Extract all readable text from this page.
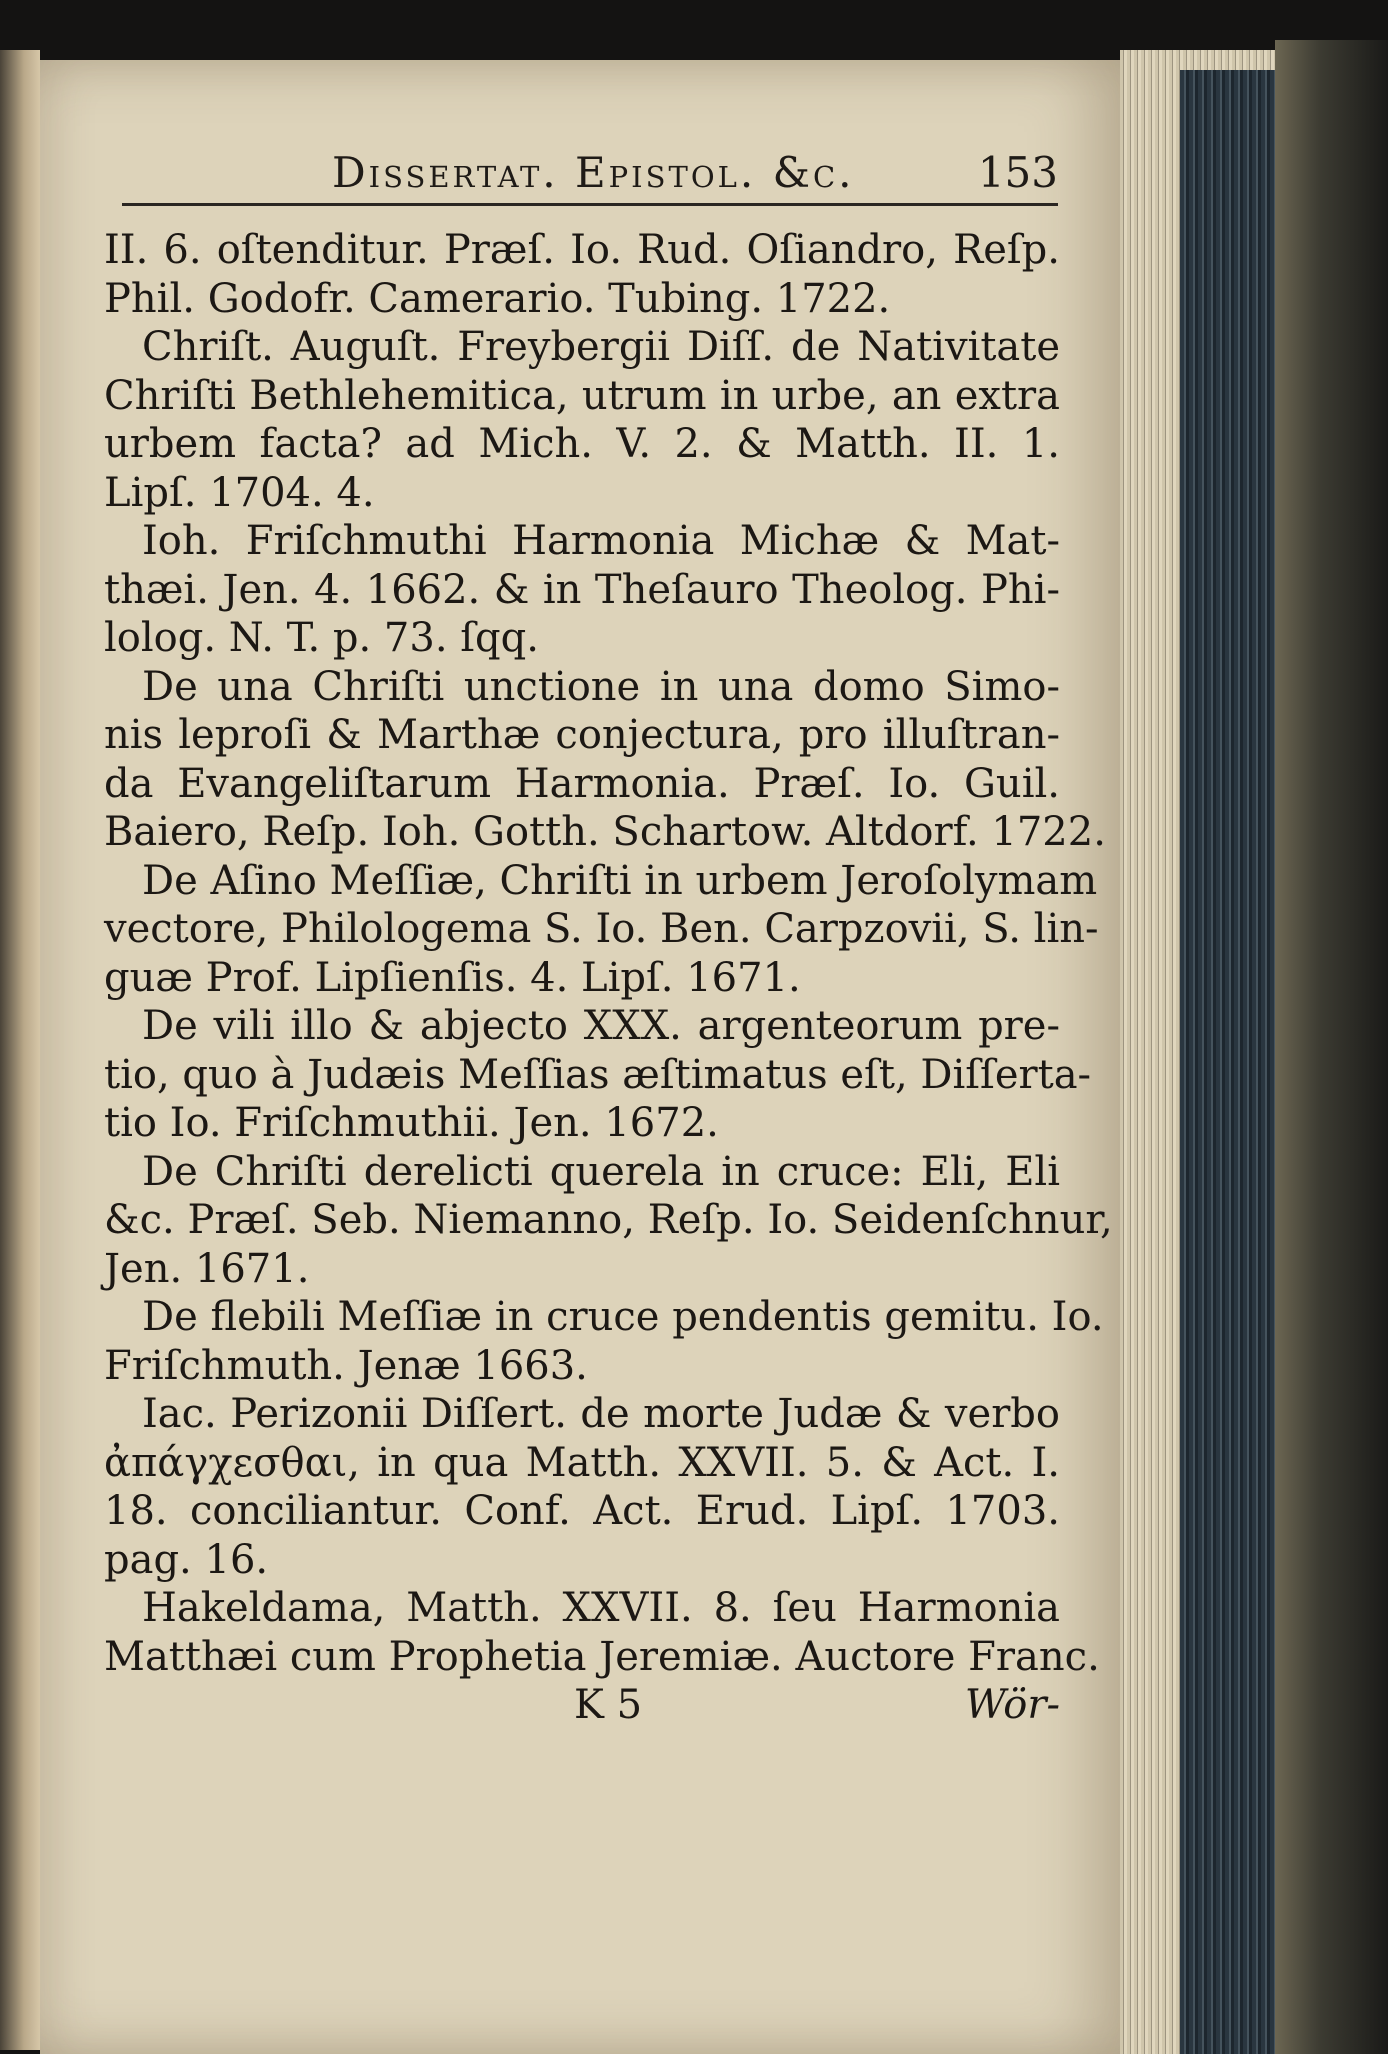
Dissertat. Epistol. &c.	153
II. 6. oſtenditur. Præſ. Io. Rud. Oſiandro, Reſp.
Phil. Godofr. Camerario. Tubing. 1722.
Chriſt. Auguſt. Freybergii Diſſ. de Nativitate
Chriſti Bethlehemitica, utrum in urbe, an extra
urbem facta? ad Mich. V. 2. & Matth. II. 1.
Lipſ. 1704. 4.
Ioh. Friſchmuthi Harmonia Michæ & Mat-
thæi. Jen. 4. 1662. & in Theſauro Theolog. Phi-
lolog. N. T. p. 73. ſqq.
De una Chriſti unctione in una domo Simo-
nis leproſi & Marthæ conjectura, pro illuſtran-
da Evangeliſtarum Harmonia. Præſ. Io. Guil.
Baiero, Reſp. Ioh. Gotth. Schartow. Altdorf. 1722.
De Aſino Meſſiæ, Chriſti in urbem Jeroſolymam
vectore, Philologema S. Io. Ben. Carpzovii, S. lin-
guæ Prof. Lipſienſis. 4. Lipſ. 1671.
De vili illo & abjecto XXX. argenteorum pre-
tio, quo à Judæis Meſſias æſtimatus eſt, Diſſerta-
tio Io. Friſchmuthii. Jen. 1672.
De Chriſti derelicti querela in cruce: Eli, Eli
&c. Præſ. Seb. Niemanno, Reſp. Io. Seidenſchnur,
Jen. 1671.
De flebili Meſſiæ in cruce pendentis gemitu. Io.
Friſchmuth. Jenæ 1663.
Iac. Perizonii Diſſert. de morte Judæ & verbo
ἀπάγχεσθαι, in qua Matth. XXVII. 5. & Act. I.
18. conciliantur. Conf. Act. Erud. Lipſ. 1703.
pag. 16.
Hakeldama, Matth. XXVII. 8. ſeu Harmonia
Matthæi cum Prophetia Jeremiæ. Auctore Franc.
K 5	Wör-
